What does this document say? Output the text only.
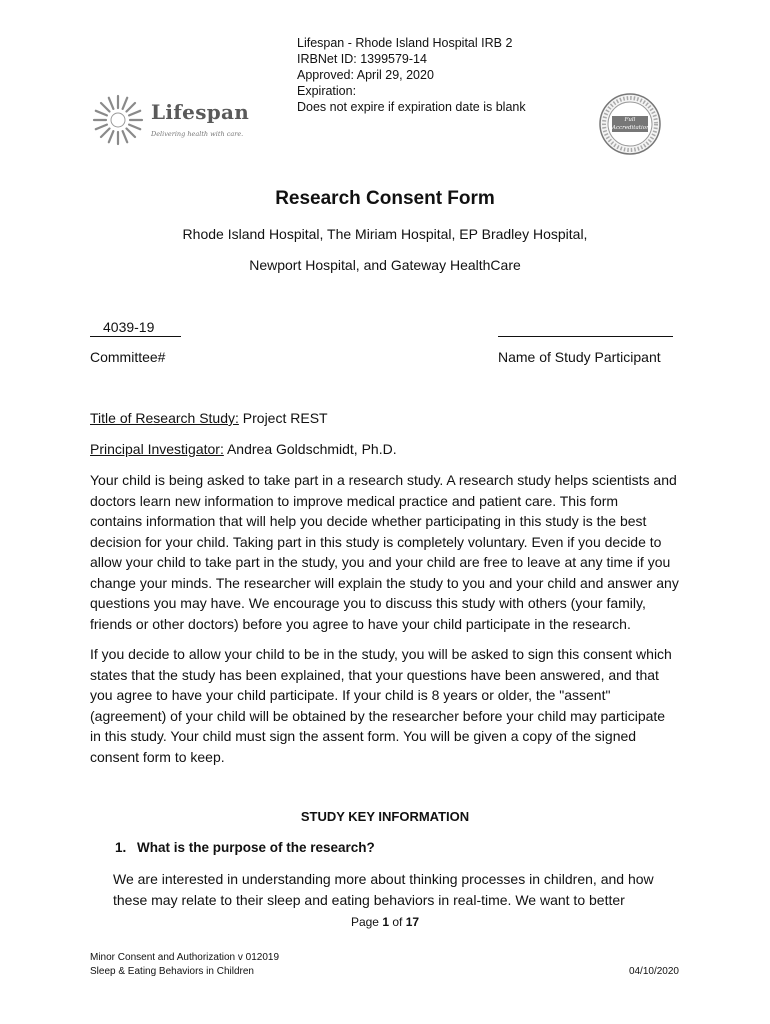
Lifespan - Rhode Island Hospital IRB 2
IRBNet ID: 1399579-14
Approved: April 29, 2020
Expiration:
Does not expire if expiration date is blank
Lifespan
Delivering health with care.
Full Accreditation
Research Consent Form
Rhode Island Hospital, The Miriam Hospital, EP Bradley Hospital,
Newport Hospital, and Gateway HealthCare
4039-19
Committee#	Name of Study Participant
Title of Research Study: Project REST
Principal Investigator: Andrea Goldschmidt, Ph.D.

Your child is being asked to take part in a research study. A research study helps scientists and

doctors learn new information to improve medical practice and patient care. This form

contains information that will help you decide whether participating in this study is the best

decision for your child. Taking part in this study is completely voluntary. Even if you decide to

allow your child to take part in the study, you and your child are free to leave at any time if you

change your minds. The researcher will explain the study to you and your child and answer any

questions you may have. We encourage you to discuss this study with others (your family,

friends or other doctors) before you agree to have your child participate in the research.

If you decide to allow your child to be in the study, you will be asked to sign this consent which

states that the study has been explained, that your questions have been answered, and that

you agree to have your child participate. If your child is 8 years or older, the "assent"

(agreement) of your child will be obtained by the researcher before your child may participate

in this study. Your child must sign the assent form. You will be given a copy of the signed

consent form to keep.

STUDY KEY INFORMATION
1. What is the purpose of the research?

We are interested in understanding more about thinking processes in children, and how

these may relate to their sleep and eating behaviors in real-time. We want to better

Page 1 of 17
Minor Consent and Authorization v 012019
Sleep & Eating Behaviors in Children	04/10/2020
